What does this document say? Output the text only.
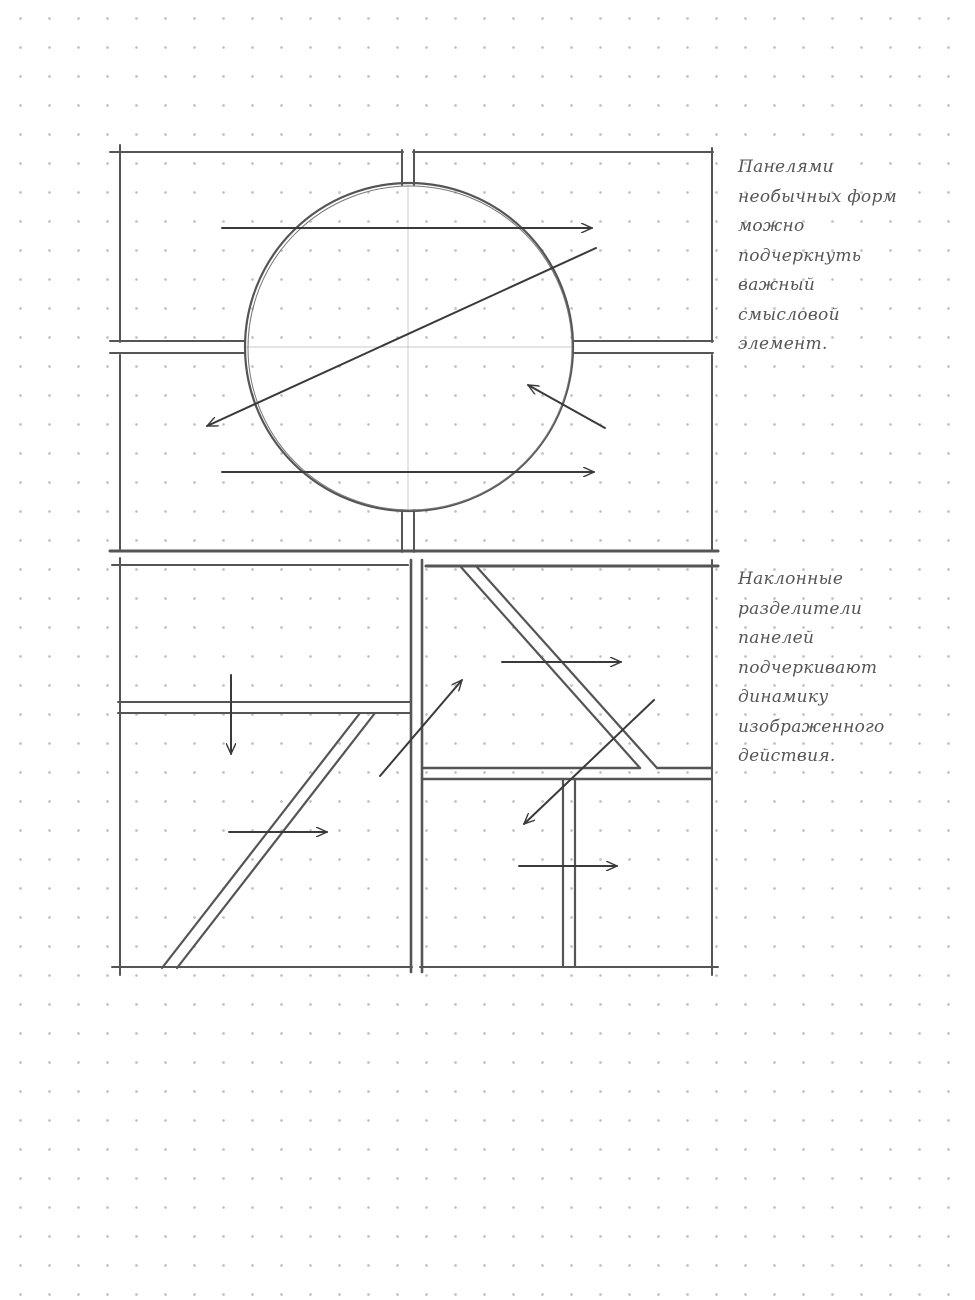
Панелями
необычных форм
можно
подчеркнуть
важный
смысловой
элемент.

Наклонные
разделители
панелей
подчеркивают
динамику
изображенного
действия.
